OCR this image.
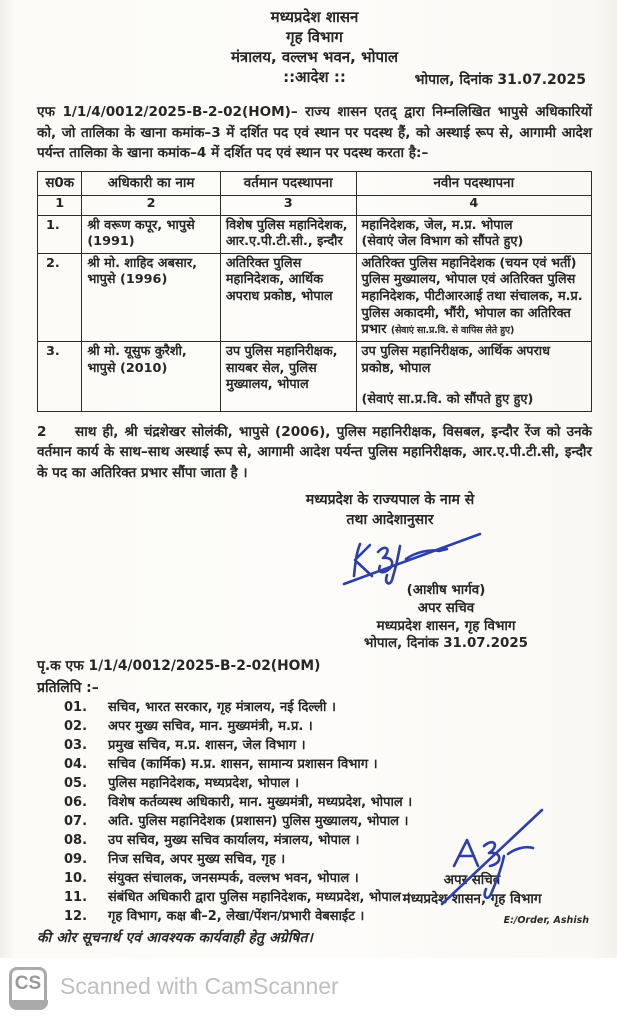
मध्यप्रदेश शासन
गृह विभाग
मंत्रालय, वल्लभ भवन, भोपाल
::आदेश ::	भोपाल, दिनांक 31.07.2025
एफ 1/1/4/0012/2025-B-2-02(HOM)– राज्य शासन एतद् द्वारा निम्नलिखित भापुसे अधिकारियों को, जो तालिका के खाना कमांक–3 में दर्शित पद एवं स्थान पर पदस्थ हैं, को अस्थाई रूप से, आगामी आदेश पर्यन्त तालिका के खाना कमांक–4 में दर्शित पद एवं स्थान पर पदस्थ करता है:–
स0क	अधिकारी का नाम	वर्तमान पदस्थापना	नवीन पदस्थापना
1	2	3	4
1.	श्री वरूण कपूर, भापुसे (1991)	विशेष पुलिस महानिदेशक, आर.ए.पी.टी.सी., इन्दौर	महानिदेशक, जेल, म.प्र. भोपाल
(सेवाएं जेल विभाग को सौंपते हुए)

2.	श्री मो. शाहिद अबसार, भापुसे (1996)	अतिरिक्त पुलिस महानिदेशक, आर्थिक अपराध प्रकोष्ठ, भोपाल	अतिरिक्त पुलिस महानिदेशक (चयन एवं भर्ती) पुलिस मुख्यालय, भोपाल एवं अतिरिक्त पुलिस महानिदेशक, पीटीआरआई तथा संचालक, म.प्र. पुलिस अकादमी, भौंरी, भोपाल का अतिरिक्त प्रभार (सेवाएं सा.प्र.वि. से वापिस लेते हुए)
3.	श्री मो. यूसुफ कुरैशी, भापुसे (2010)	उप पुलिस महानिरीक्षक, सायबर सेल, पुलिस मुख्यालय, भोपाल	उप पुलिस महानिरीक्षक, आर्थिक अपराध प्रकोष्ठ, भोपाल
(सेवाएं सा.प्र.वि. को सौंपते हुए हुए)
2 साथ ही, श्री चंद्रशेखर सोलंकी, भापुसे (2006), पुलिस महानिरीक्षक, विसबल, इन्दौर रेंज को उनके वर्तमान कार्य के साथ–साथ अस्थाई रूप से, आगामी आदेश पर्यन्त पुलिस महानिरीक्षक, आर.ए.पी.टी.सी, इन्दौर के पद का अतिरिक्त प्रभार सौंपा जाता है ।
मध्यप्रदेश के राज्यपाल के नाम से
तथा आदेशानुसार
(आशीष भार्गव)
अपर सचिव
मध्यप्रदेश शासन, गृह विभाग
भोपाल, दिनांक 31.07.2025
पृ.क एफ 1/1/4/0012/2025-B-2-02(HOM)
प्रतिलिपि :–
01.	सचिव, भारत सरकार, गृह मंत्रालय, नई दिल्ली ।
02.	अपर मुख्य सचिव, मान. मुख्यमंत्री, म.प्र. ।
03.	प्रमुख सचिव, म.प्र. शासन, जेल विभाग ।
04.	सचिव (कार्मिक) म.प्र. शासन, सामान्य प्रशासन विभाग ।
05.	पुलिस महानिदेशक, मध्यप्रदेश, भोपाल ।
06.	विशेष कर्तव्यस्थ अधिकारी, मान. मुख्यमंत्री, मध्यप्रदेश, भोपाल ।
07.	अति. पुलिस महानिदेशक (प्रशासन) पुलिस मुख्यालय, भोपाल ।
08.	उप सचिव, मुख्य सचिव कार्यालय, मंत्रालय, भोपाल ।
09.	निज सचिव, अपर मुख्य सचिव, गृह ।
10.	संयुक्त संचालक, जनसम्पर्क, वल्लभ भवन, भोपाल ।
11.	संबंधित अधिकारी द्वारा पुलिस महानिदेशक, मध्यप्रदेश, भोपाल ।
12.	गृह विभाग, कक्ष बी–2, लेखा/पेंशन/प्रभारी वेबसाईट ।
की ओर सूचनार्थ एवं आवश्यक कार्यवाही हेतु अग्रेषित।
अपर सचिव
मध्यप्रदेश शासन, गृह विभाग
E:/Order, Ashish
CS Scanned with CamScanner
